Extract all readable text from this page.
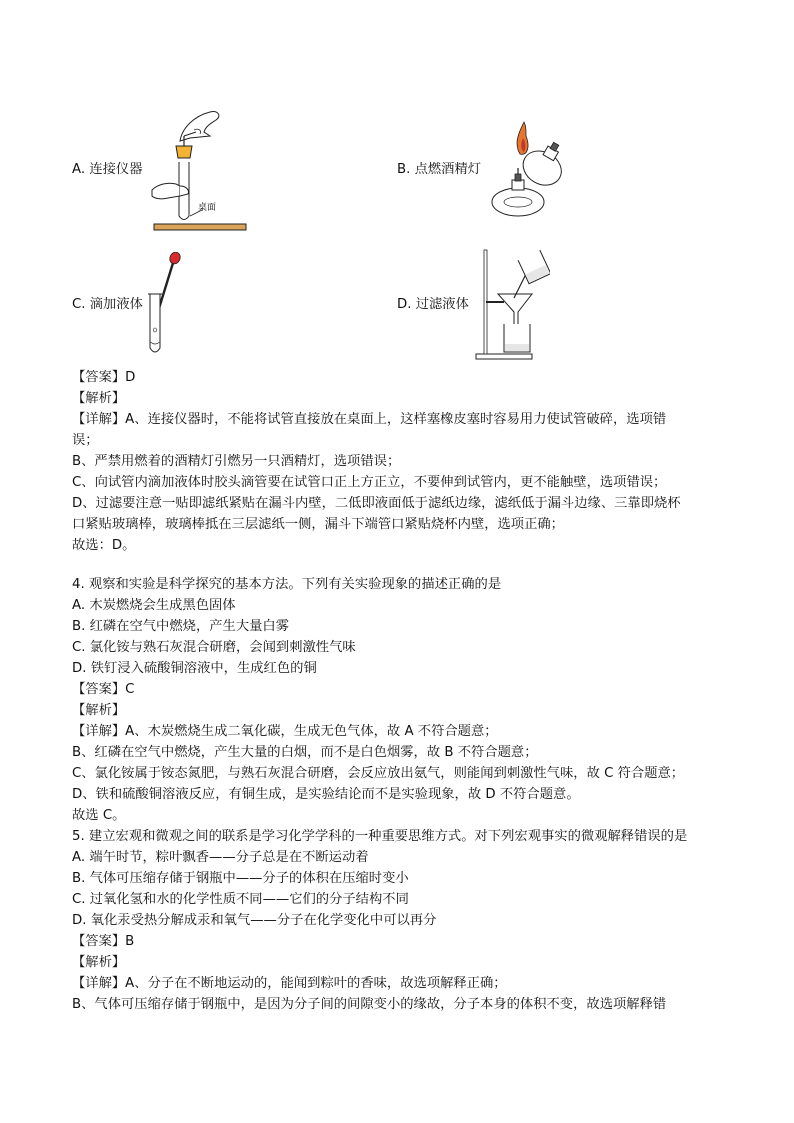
A. 连接仪器
桌面
B. 点燃酒精灯
C. 滴加液体	D. 过滤液体
【答案】D
【解析】
【详解】A、连接仪器时，不能将试管直接放在桌面上，这样塞橡皮塞时容易用力使试管破碎，选项错
误；
B、严禁用燃着的酒精灯引燃另一只酒精灯，选项错误；
C、向试管内滴加液体时胶头滴管要在试管口正上方正立，不要伸到试管内，更不能触壁，选项错误；
D、过滤要注意一贴即滤纸紧贴在漏斗内壁，二低即液面低于滤纸边缘，滤纸低于漏斗边缘、三靠即烧杯
口紧贴玻璃棒，玻璃棒抵在三层滤纸一侧，漏斗下端管口紧贴烧杯内壁，选项正确；
故选：D。
4. 观察和实验是科学探究的基本方法。下列有关实验现象的描述正确的是
A. 木炭燃烧会生成黑色固体
B. 红磷在空气中燃烧，产生大量白雾
C. 氯化铵与熟石灰混合研磨，会闻到刺激性气味
D. 铁钉浸入硫酸铜溶液中，生成红色的铜
【答案】C
【解析】
【详解】A、木炭燃烧生成二氧化碳，生成无色气体，故 A 不符合题意；
B、红磷在空气中燃烧，产生大量的白烟，而不是白色烟雾，故 B 不符合题意；
C、氯化铵属于铵态氮肥，与熟石灰混合研磨，会反应放出氨气，则能闻到刺激性气味，故 C 符合题意；
D、铁和硫酸铜溶液反应，有铜生成，是实验结论而不是实验现象，故 D 不符合题意。
故选 C。
5. 建立宏观和微观之间的联系是学习化学学科的一种重要思维方式。对下列宏观事实的微观解释错误的是
A. 端午时节，粽叶飘香——分子总是在不断运动着
B. 气体可压缩存储于钢瓶中——分子的体积在压缩时变小
C. 过氧化氢和水的化学性质不同——它们的分子结构不同
D. 氧化汞受热分解成汞和氧气——分子在化学变化中可以再分
【答案】B
【解析】
【详解】A、分子在不断地运动的，能闻到粽叶的香味，故选项解释正确；
B、气体可压缩存储于钢瓶中，是因为分子间的间隙变小的缘故，分子本身的体积不变，故选项解释错
